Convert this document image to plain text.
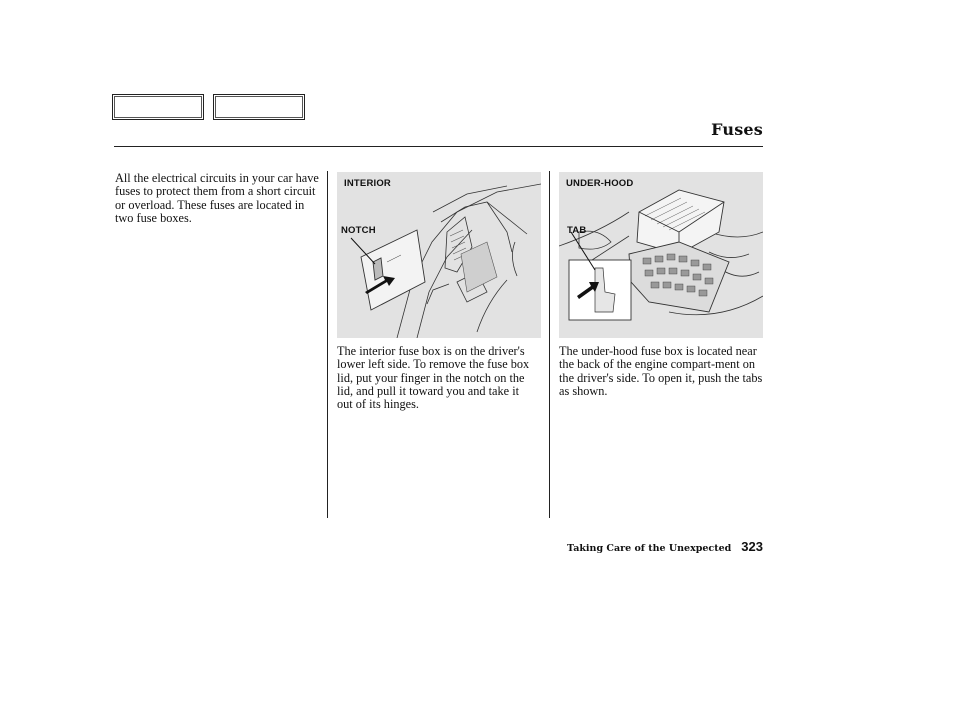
Fuses

All the electrical circuits in your car have fuses to protect them from a short circuit or overload. These fuses are located in two fuse boxes.

INTERIOR
NOTCH
UNDER-HOOD
TAB

The interior fuse box is on the driver's lower left side. To remove the fuse box lid, put your finger in the notch on the lid, and pull it toward you and take it out of its hinges.

The under-hood fuse box is located near the back of the engine compart-ment on the driver's side. To open it, push the tabs as shown.

Taking Care of the Unexpected 323
